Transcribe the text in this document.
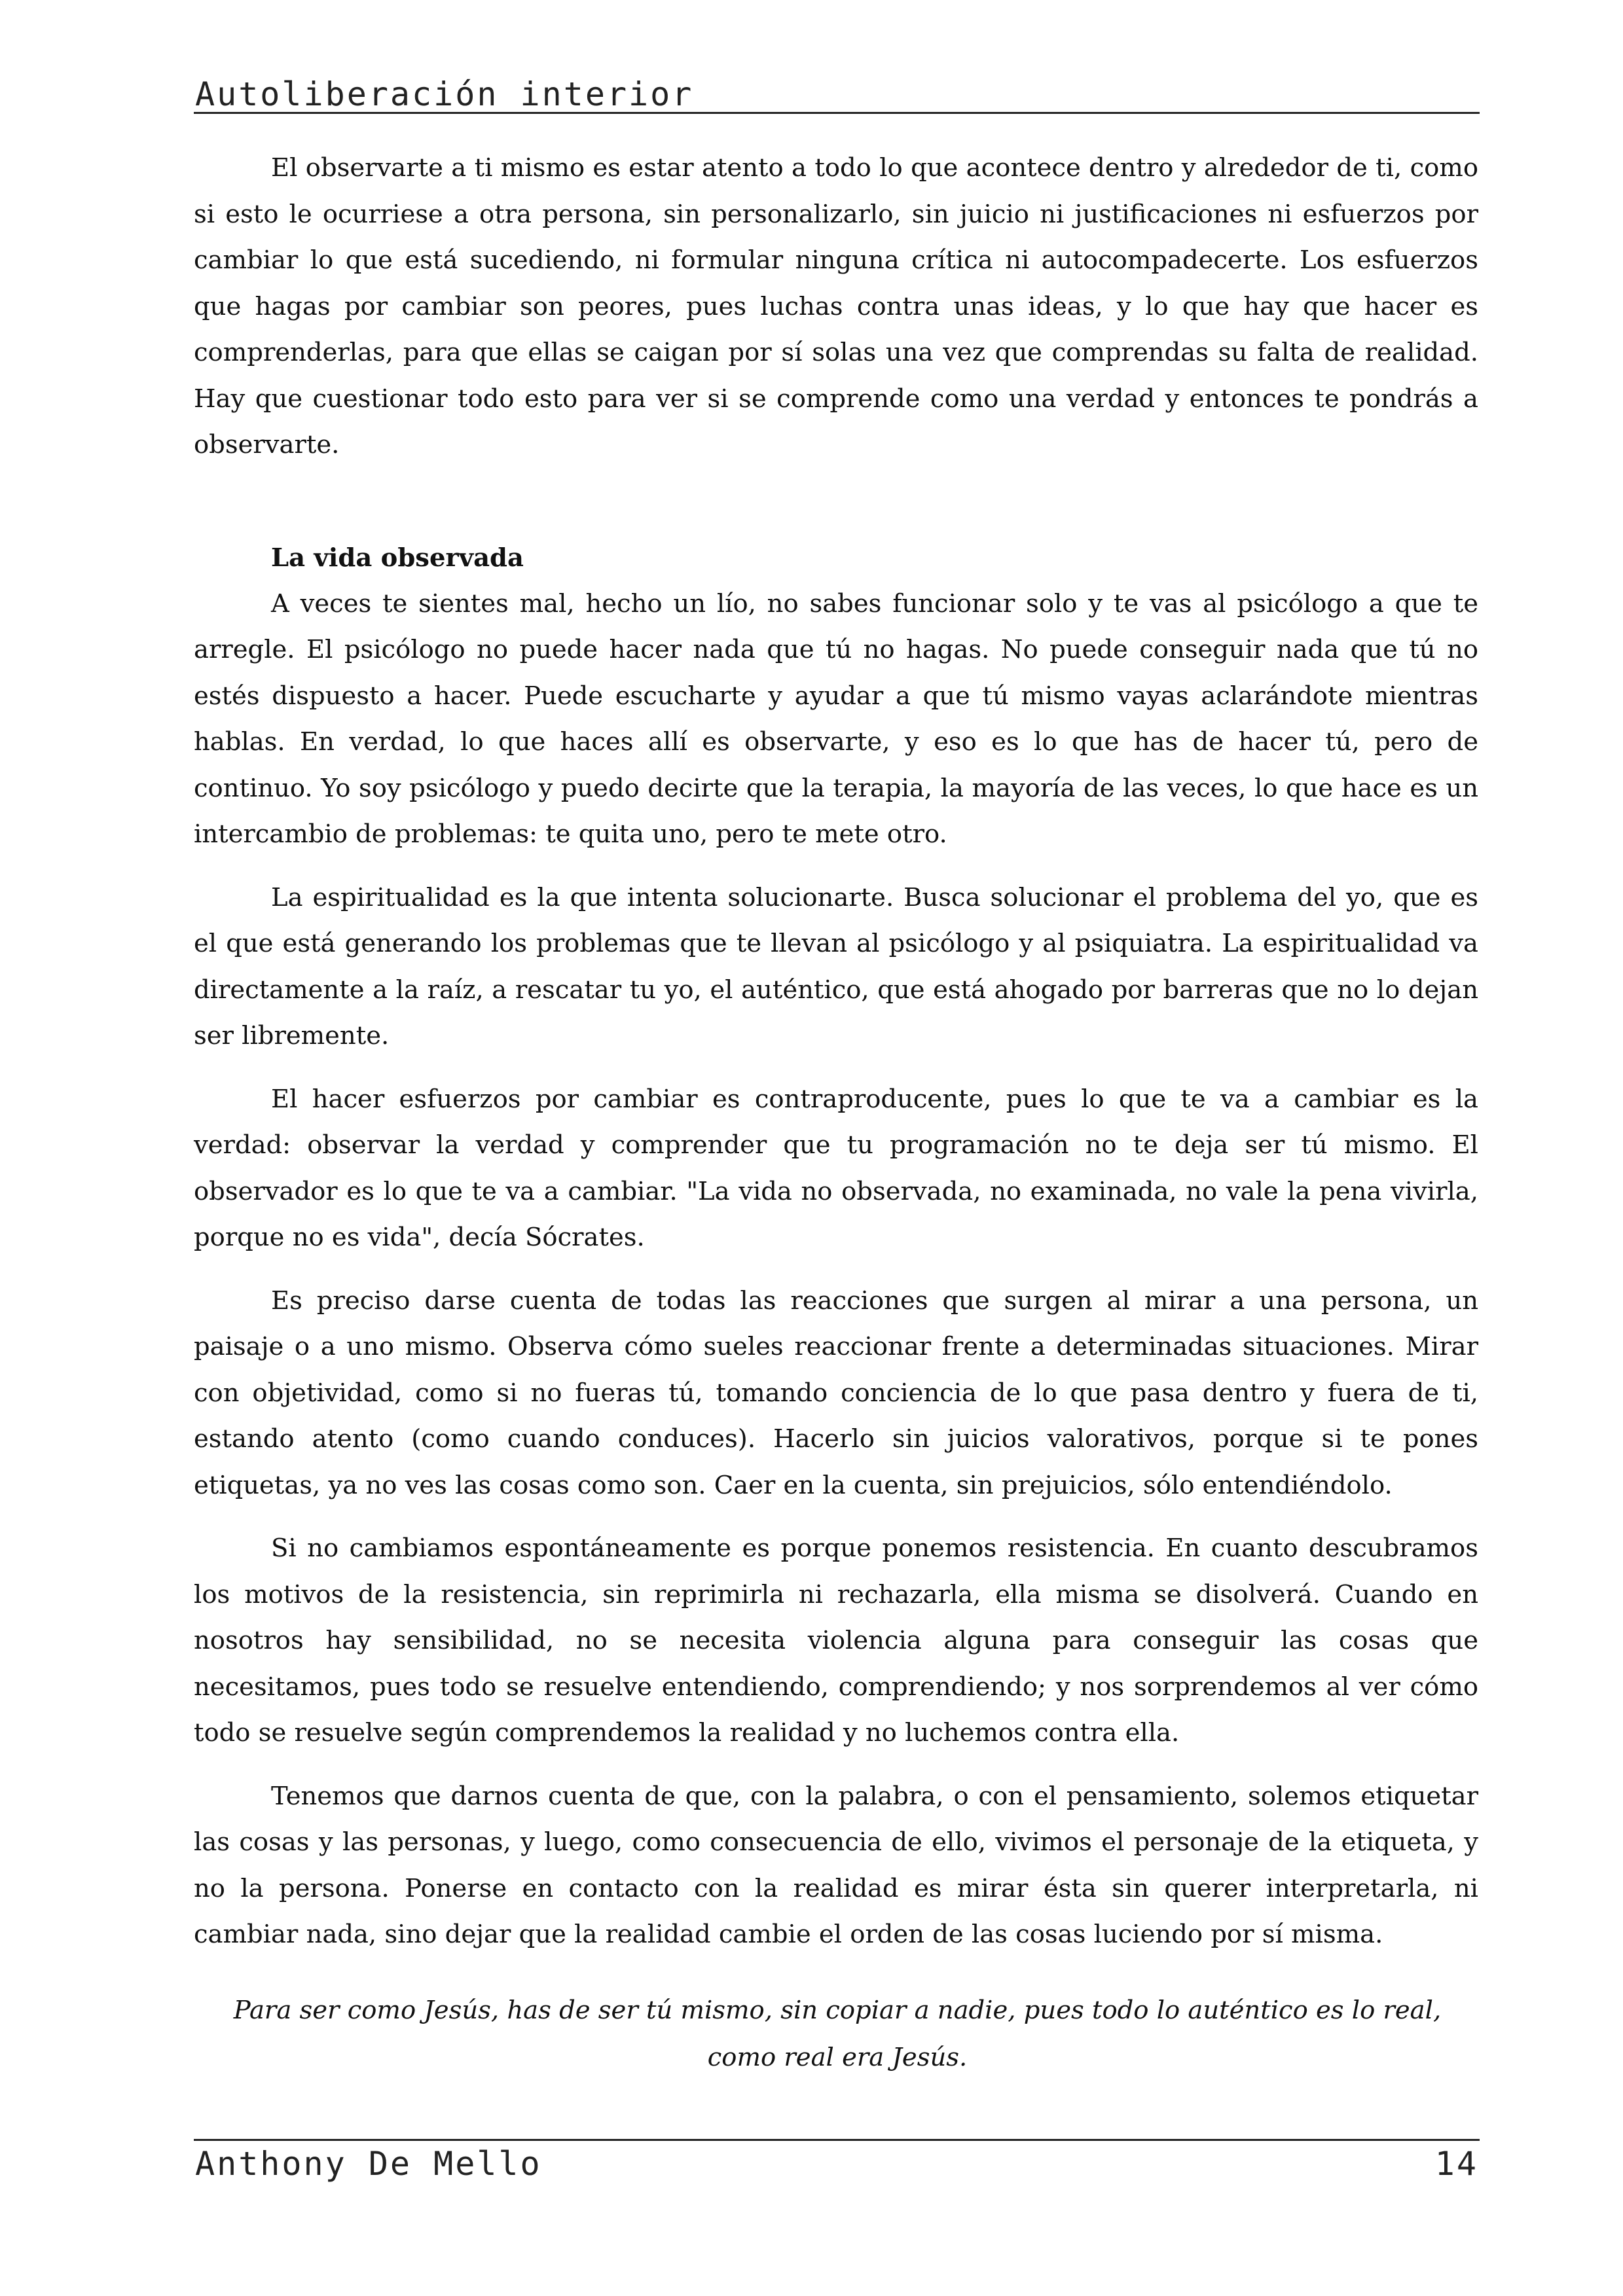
Autoliberación interior

El observarte a ti mismo es estar atento a todo lo que acontece dentro y alrededor de ti, como si esto le ocurriese a otra persona, sin personalizarlo, sin juicio ni justificaciones ni esfuerzos por cambiar lo que está sucediendo, ni formular ninguna crítica ni autocompadecerte. Los esfuerzos que hagas por cambiar son peores, pues luchas contra unas ideas, y lo que hay que hacer es comprenderlas, para que ellas se caigan por sí solas una vez que comprendas su falta de realidad. Hay que cuestionar todo esto para ver si se comprende como una verdad y entonces te pondrás a observarte.

La vida observada

A veces te sientes mal, hecho un lío, no sabes funcionar solo y te vas al psicólogo a que te arregle. El psicólogo no puede hacer nada que tú no hagas. No puede conseguir nada que tú no estés dispuesto a hacer. Puede escucharte y ayudar a que tú mismo vayas aclarándote mientras hablas. En verdad, lo que haces allí es observarte, y eso es lo que has de hacer tú, pero de continuo. Yo soy psicólogo y puedo decirte que la terapia, la mayoría de las veces, lo que hace es un intercambio de problemas: te quita uno, pero te mete otro.

La espiritualidad es la que intenta solucionarte. Busca solucionar el problema del yo, que es el que está generando los problemas que te llevan al psicólogo y al psiquiatra. La espiritualidad va directamente a la raíz, a rescatar tu yo, el auténtico, que está ahogado por barreras que no lo dejan ser libremente.

El hacer esfuerzos por cambiar es contraproducente, pues lo que te va a cambiar es la verdad: observar la verdad y comprender que tu programación no te deja ser tú mismo. El observador es lo que te va a cambiar. "La vida no observada, no examinada, no vale la pena vivirla, porque no es vida", decía Sócrates.

Es preciso darse cuenta de todas las reacciones que surgen al mirar a una persona, un paisaje o a uno mismo. Observa cómo sueles reaccionar frente a determinadas situaciones. Mirar con objetividad, como si no fueras tú, tomando conciencia de lo que pasa dentro y fuera de ti, estando atento (como cuando conduces). Hacerlo sin juicios valorativos, porque si te pones etiquetas, ya no ves las cosas como son. Caer en la cuenta, sin prejuicios, sólo entendiéndolo.

Si no cambiamos espontáneamente es porque ponemos resistencia. En cuanto descubramos los motivos de la resistencia, sin reprimirla ni rechazarla, ella misma se disolverá. Cuando en nosotros hay sensibilidad, no se necesita violencia alguna para conseguir las cosas que necesitamos, pues todo se resuelve entendiendo, comprendiendo; y nos sorprendemos al ver cómo todo se resuelve según comprendemos la realidad y no luchemos contra ella.

Tenemos que darnos cuenta de que, con la palabra, o con el pensamiento, solemos etiquetar las cosas y las personas, y luego, como consecuencia de ello, vivimos el personaje de la etiqueta, y no la persona. Ponerse en contacto con la realidad es mirar ésta sin querer interpretarla, ni cambiar nada, sino dejar que la realidad cambie el orden de las cosas luciendo por sí misma.

Para ser como Jesús, has de ser tú mismo, sin copiar a nadie, pues todo lo auténtico es lo real,
como real era Jesús.
Anthony De Mello	14
